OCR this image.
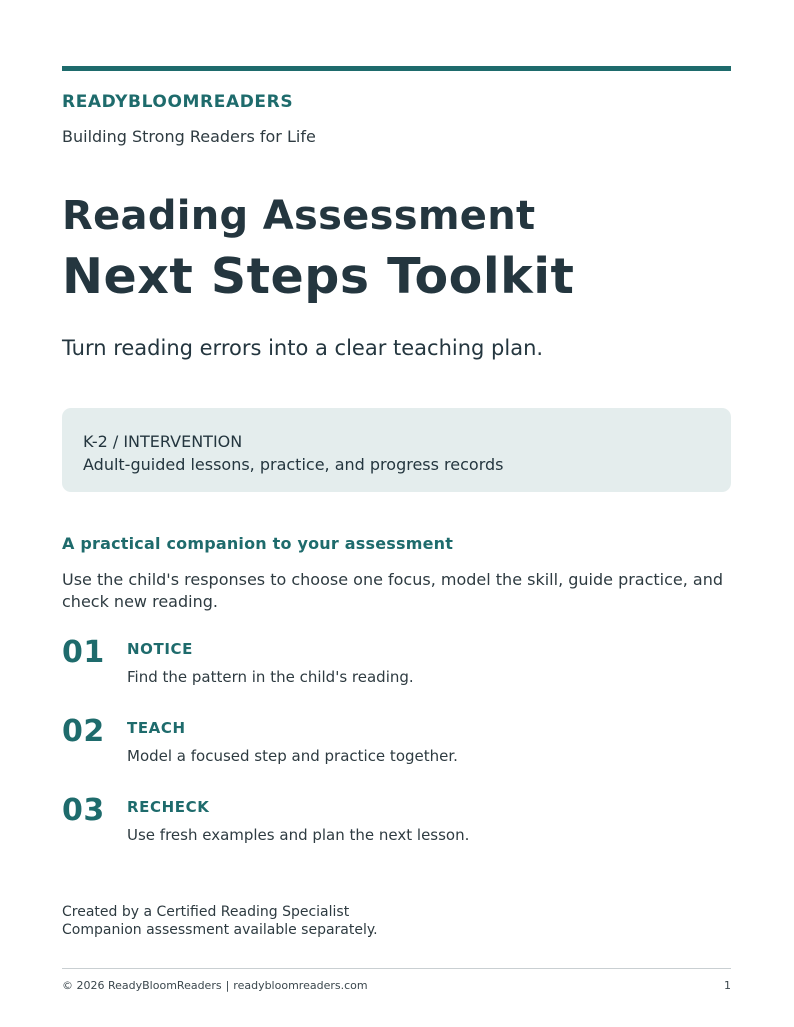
READYBLOOMREADERS
Building Strong Readers for Life
Reading Assessment
Next Steps Toolkit
Turn reading errors into a clear teaching plan.
K-2 / INTERVENTION
Adult-guided lessons, practice, and progress records
A practical companion to your assessment
Use the child's responses to choose one focus, model the skill, guide practice, and check new reading.
01 NOTICE
Find the pattern in the child's reading.
02 TEACH
Model a focused step and practice together.
03 RECHECK
Use fresh examples and plan the next lesson.
Created by a Certified Reading Specialist
Companion assessment available separately.
© 2026 ReadyBloomReaders | readybloomreaders.com	1
